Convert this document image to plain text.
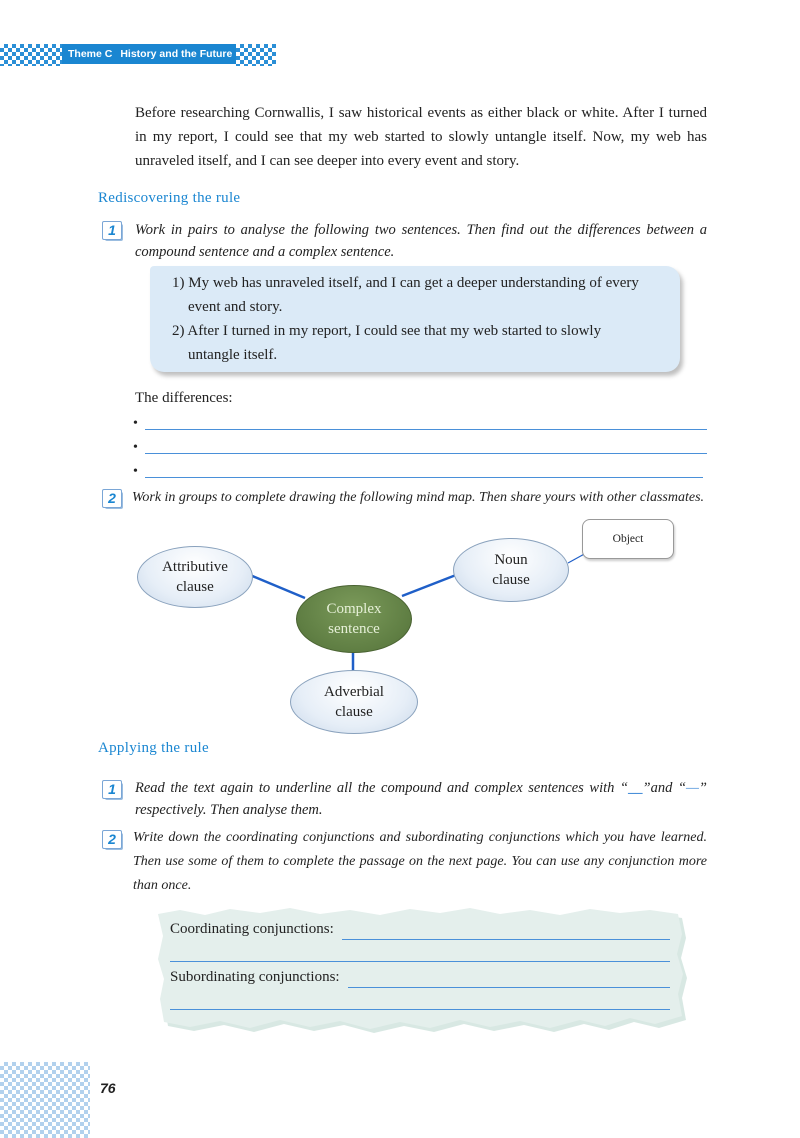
Theme C History and the Future
Before researching Cornwallis, I saw historical events as either black or white. After I turned in my report, I could see that my web started to slowly untangle itself. Now, my web has unraveled itself, and I can see deeper into every event and story.
Rediscovering the rule
1	Work in pairs to analyse the following two sentences. Then find out the differences between a compound sentence and a complex sentence.
1) My web has unraveled itself, and I can get a deeper understanding of every
event and story.
2) After I turned in my report, I could see that my web started to slowly
untangle itself.
The differences:
•
•
•
2	Work in groups to complete drawing the following mind map. Then share yours with other classmates.
Attributive clause
Noun clause
Complex sentence
Adverbial clause
Object
Applying the rule
1	Read the text again to underline all the compound and complex sentences with “__”and “—” respectively. Then analyse them.
2	Write down the coordinating conjunctions and subordinating conjunctions which you have learned. Then use some of them to complete the passage on the next page. You can use any conjunction more than once.
Coordinating conjunctions:
Subordinating conjunctions:
76
